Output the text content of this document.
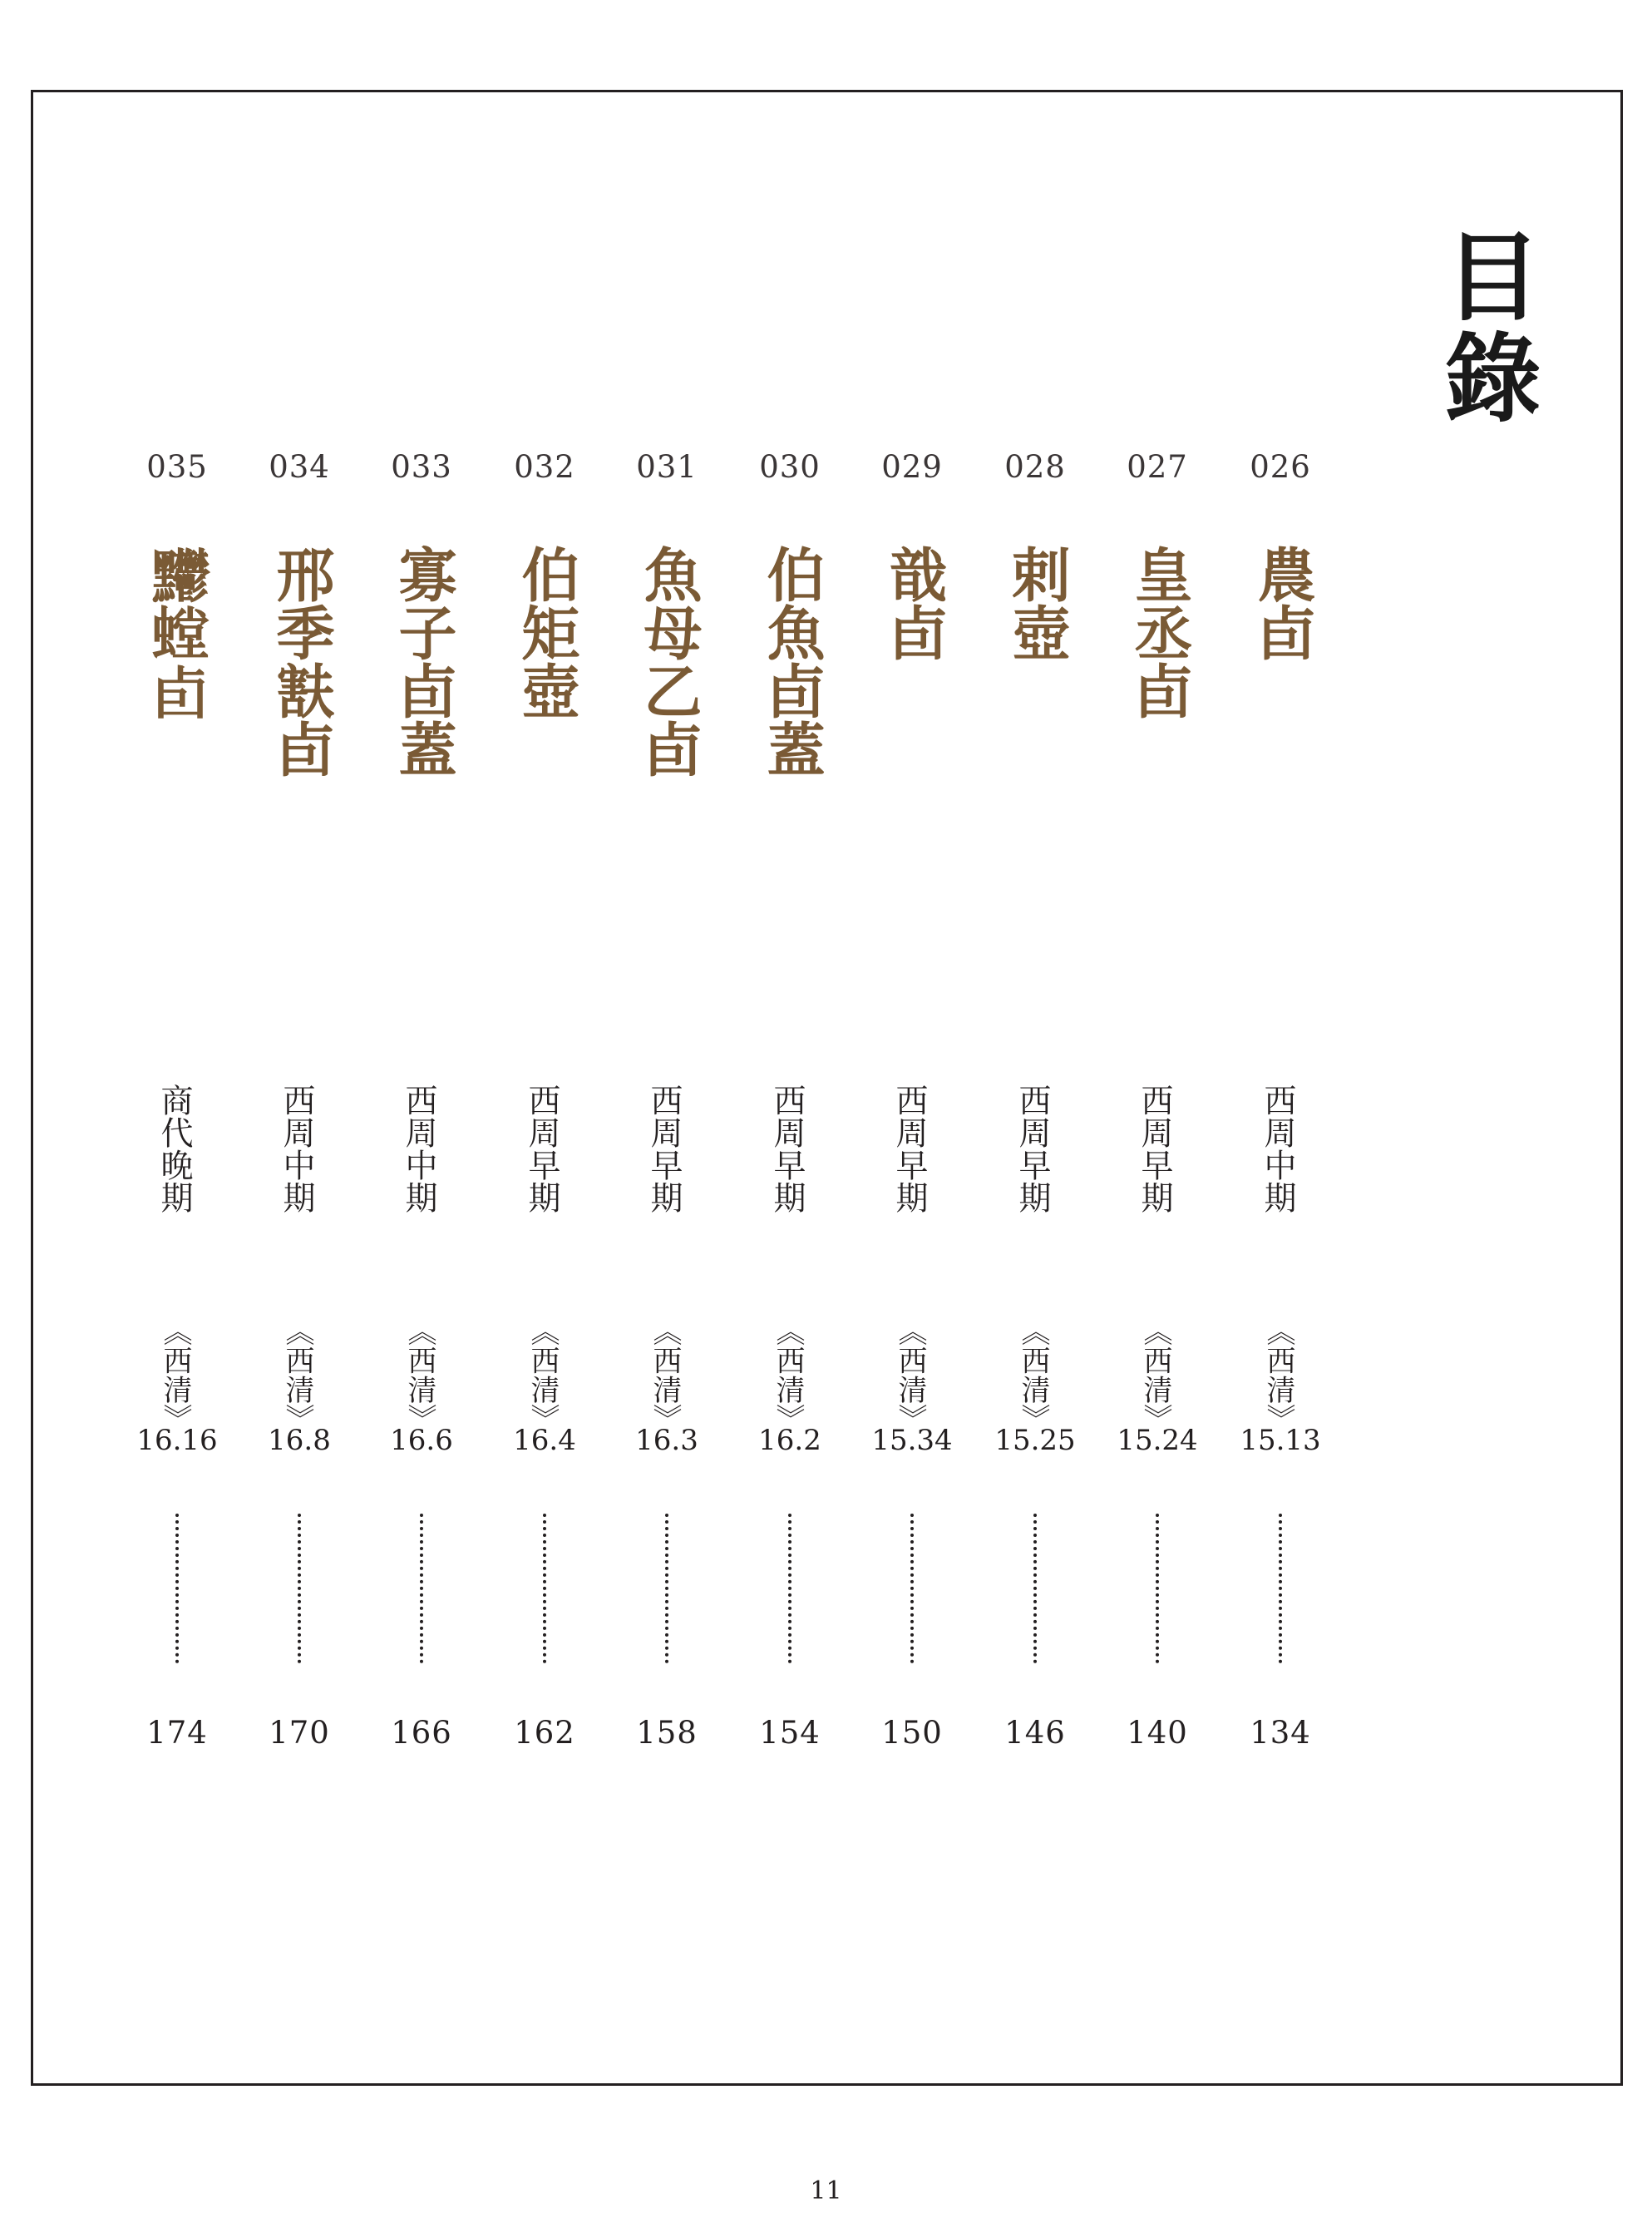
目錄
035
𪓊螳卣
商代晚期
《西清》
16.16
174
034
邢季㝬卣
西周中期
《西清》
16.8
170
033
寡子卣蓋
西周中期
《西清》
16.6
166
032
伯矩壺
西周早期
《西清》
16.4
162
031
魚母乙卣
西周早期
《西清》
16.3
158
030
伯魚卣蓋
西周早期
《西清》
16.2
154
029
戠卣
西周早期
《西清》
15.34
150
028
剌壺
西周早期
《西清》
15.25
146
027
皇丞卣
西周早期
《西清》
15.24
140
026
農卣
西周中期
《西清》
15.13
134
11
